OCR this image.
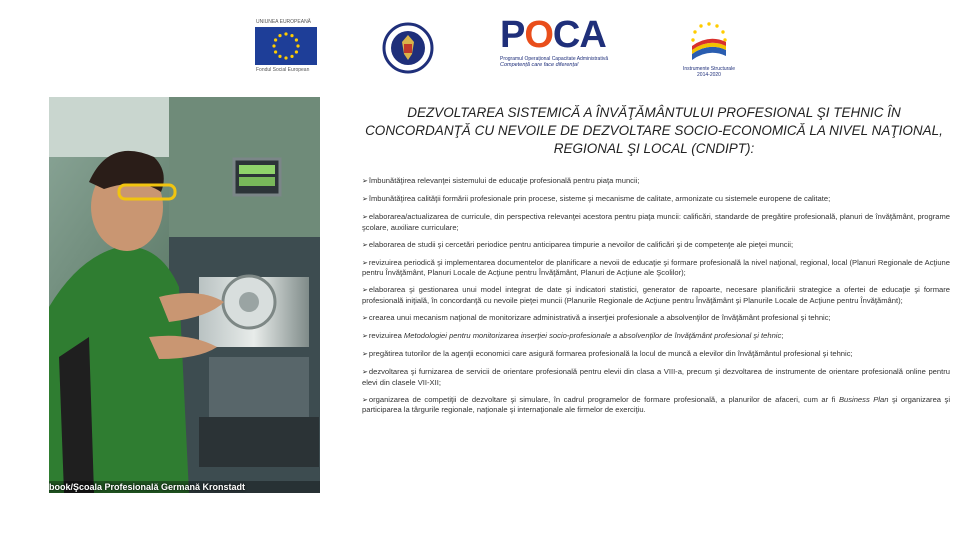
UNIUNEA EUROPEANĂ
Fondul Social European
POCA
Programul Operațional Capacitate Administrativă
Competență care face diferența!
Instrumente Structurale
2014-2020
book/Şcoala Profesională Germană Kronstadt
DEZVOLTAREA SISTEMICĂ A ÎNVĂŢĂMÂNTULUI PROFESIONAL ŞI TEHNIC ÎN CONCORDANŢĂ CU NEVOILE DE DEZVOLTARE SOCIO-ECONOMICĂ LA NIVEL NAŢIONAL, REGIONAL ŞI LOCAL (CNDIPT):
➢îmbunătăţirea relevanţei sistemului de educaţie profesională pentru piaţa muncii;
➢îmbunătăţirea calităţii formării profesionale prin procese, sisteme şi mecanisme de calitate, armonizate cu sistemele europene de calitate;
➢elaborarea/actualizarea de curricule, din perspectiva relevanţei acestora pentru piaţa muncii: calificări, standarde de pregătire profesională, planuri de învăţământ, programe şcolare, auxiliare curriculare;
➢elaborarea de studii şi cercetări periodice pentru anticiparea timpurie a nevoilor de calificări şi de competenţe ale pieţei muncii;
➢revizuirea periodică şi implementarea documentelor de planificare a nevoii de educaţie şi formare profesională la nivel naţional, regional, local (Planuri Regionale de Acţiune pentru Învăţământ, Planuri Locale de Acţiune pentru Învăţământ, Planuri de Acţiune ale Şcolilor);
➢elaborarea şi gestionarea unui model integrat de date şi indicatori statistici, generator de rapoarte, necesare planificării strategice a ofertei de educaţie şi formare profesională iniţială, în concordanţă cu nevoile pieţei muncii (Planurile Regionale de Acţiune pentru Învăţământ şi Planurile Locale de Acţiune pentru Învăţământ);
➢crearea unui mecanism naţional de monitorizare administrativă a inserţiei profesionale a absolvenţilor de învăţământ profesional şi tehnic;
➢revizuirea Metodologiei pentru monitorizarea inserţiei socio-profesionale a absolvenţilor de învăţământ profesional şi tehnic;
➢pregătirea tutorilor de la agenţii economici care asigură formarea profesională la locul de muncă a elevilor din învăţământul profesional şi tehnic;
➢dezvoltarea şi furnizarea de servicii de orientare profesională pentru elevii din clasa a VIII-a, precum şi dezvoltarea de instrumente de orientare profesională online pentru elevi din clasele VII-XII;
➢organizarea de competiţii de dezvoltare şi simulare, în cadrul programelor de formare profesională, a planurilor de afaceri, cum ar fi Business Plan şi organizarea şi participarea la târgurile regionale, naţionale şi internaţionale ale firmelor de exerciţiu.
